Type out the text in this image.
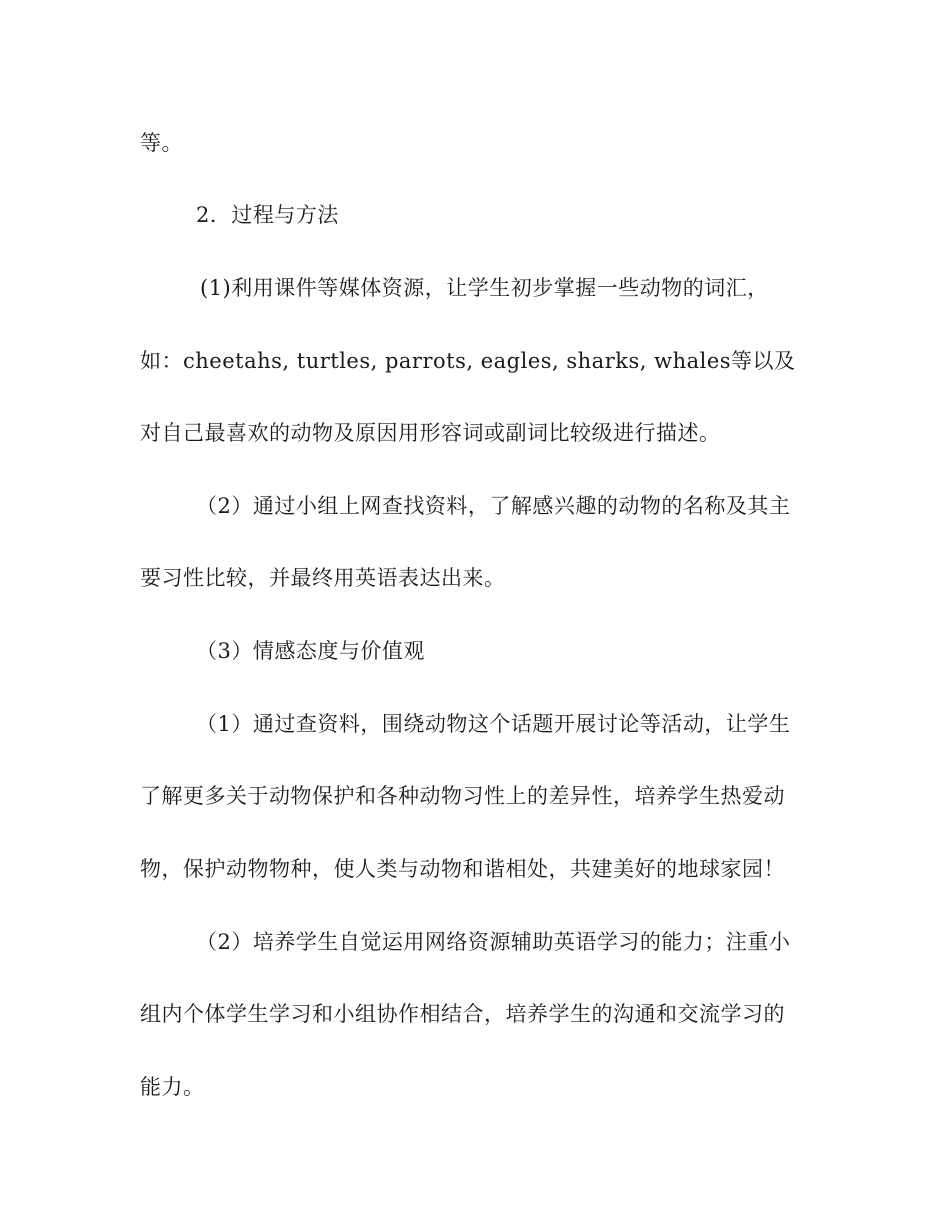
等。
2．过程与方法
(1)利用课件等媒体资源，让学生初步掌握一些动物的词汇，
如：cheetahs, turtles, parrots, eagles, sharks, whales等以及
对自己最喜欢的动物及原因用形容词或副词比较级进行描述。
（2）通过小组上网查找资料，了解感兴趣的动物的名称及其主
要习性比较，并最终用英语表达出来。
（3）情感态度与价值观
（1）通过查资料，围绕动物这个话题开展讨论等活动，让学生
了解更多关于动物保护和各种动物习性上的差异性，培养学生热爱动
物，保护动物物种，使人类与动物和谐相处，共建美好的地球家园！
（2）培养学生自觉运用网络资源辅助英语学习的能力；注重小
组内个体学生学习和小组协作相结合，培养学生的沟通和交流学习的
能力。
